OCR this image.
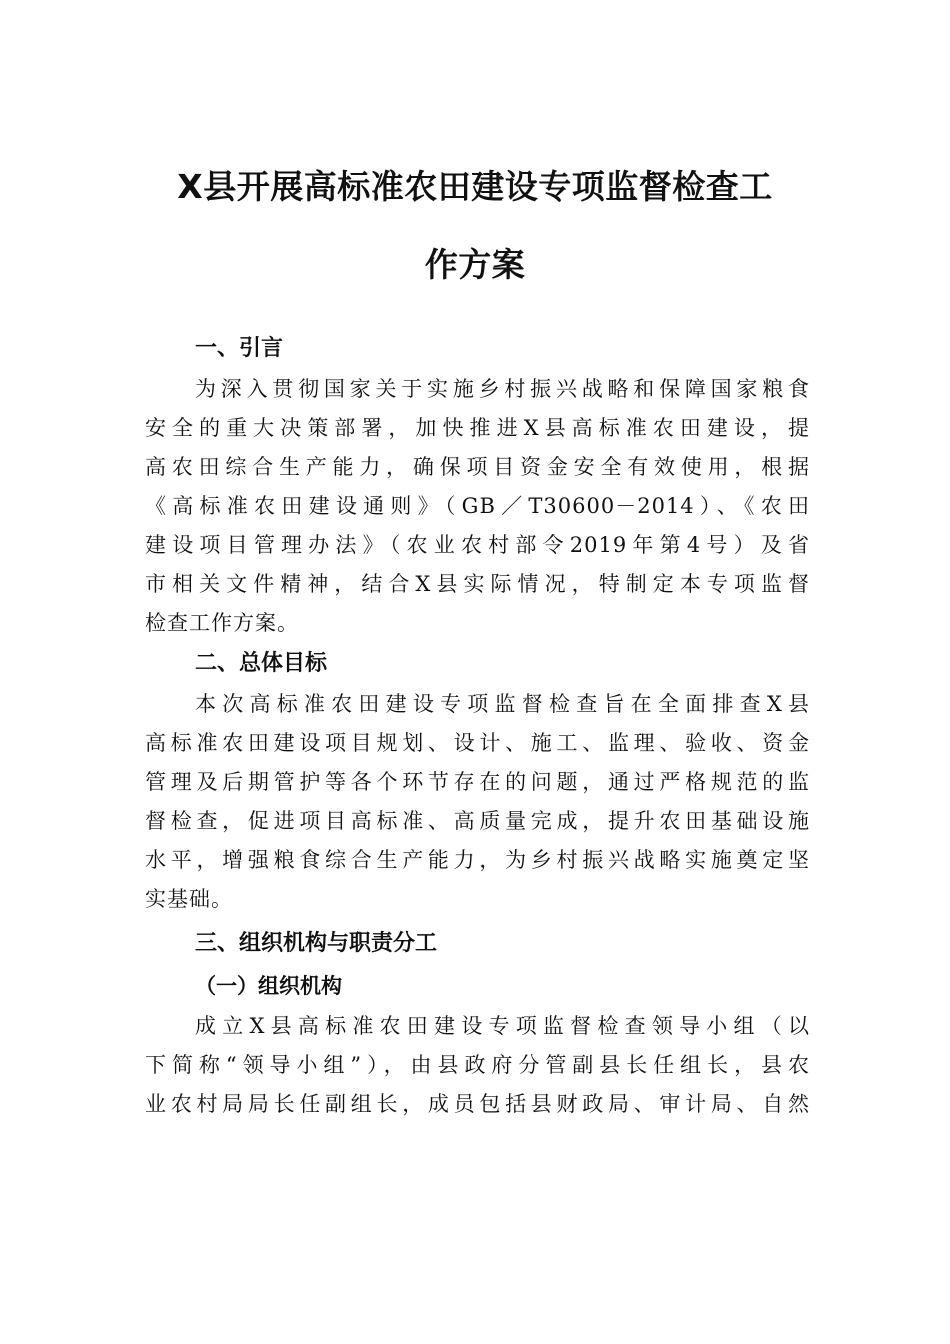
X县开展高标准农田建设专项监督检查工
作方案
一、引言

为深入贯彻国家关于实施乡村振兴战略和保障国家粮食
安全的重大决策部署，加快推进X县高标准农田建设，提
高农田综合生产能力，确保项目资金安全有效使用，根据
《高标准农田建设通则》（GB／T30600－2014）、《农田
建设项目管理办法》（农业农村部令2019年第4号）及省
市相关文件精神，结合X县实际情况，特制定本专项监督
检查工作方案。

二、总体目标

本次高标准农田建设专项监督检查旨在全面排查X县
高标准农田建设项目规划、设计、施工、监理、验收、资金
管理及后期管护等各个环节存在的问题，通过严格规范的监
督检查，促进项目高标准、高质量完成，提升农田基础设施
水平，增强粮食综合生产能力，为乡村振兴战略实施奠定坚
实基础。

三、组织机构与职责分工
（一）组织机构

成立X县高标准农田建设专项监督检查领导小组（以
下简称“领导小组”），由县政府分管副县长任组长，县农
业农村局局长任副组长，成员包括县财政局、审计局、自然
